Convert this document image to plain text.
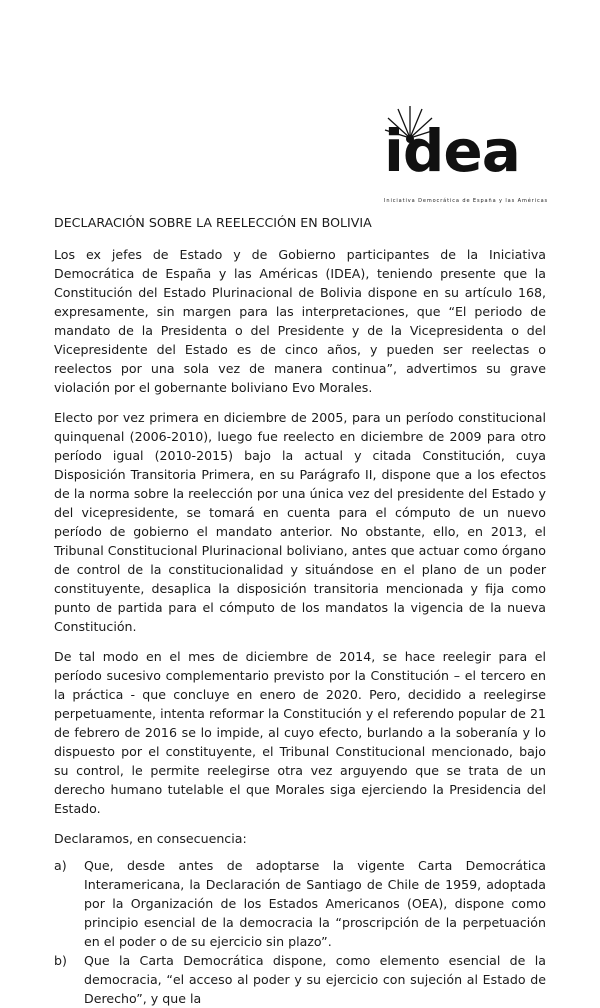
idea
Iniciativa Democrática de España y las Américas
DECLARACIÓN SOBRE LA REELECCIÓN EN BOLIVIA

Los ex jefes de Estado y de Gobierno participantes de la Iniciativa Democrática de España y las Américas (IDEA), teniendo presente que la Constitución del Estado Plurinacional de Bolivia dispone en su artículo 168, expresamente, sin margen para las interpretaciones, que “El periodo de mandato de la Presidenta o del Presidente y de la Vicepresidenta o del Vicepresidente del Estado es de cinco años, y pueden ser reelectas o reelectos por una sola vez de manera continua”, advertimos su grave violación por el gobernante boliviano Evo Morales.

Electo por vez primera en diciembre de 2005, para un período constitucional quinquenal (2006-2010), luego fue reelecto en diciembre de 2009 para otro período igual (2010-2015) bajo la actual y citada Constitución, cuya Disposición Transitoria Primera, en su Parágrafo II, dispone que a los efectos de la norma sobre la reelección por una única vez del presidente del Estado y del vicepresidente, se tomará en cuenta para el cómputo de un nuevo período de gobierno el mandato anterior. No obstante, ello, en 2013, el Tribunal Constitucional Plurinacional boliviano, antes que actuar como órgano de control de la constitucionalidad y situándose en el plano de un poder constituyente, desaplica la disposición transitoria mencionada y fija como punto de partida para el cómputo de los mandatos la vigencia de la nueva Constitución.

De tal modo en el mes de diciembre de 2014, se hace reelegir para el período sucesivo complementario previsto por la Constitución – el tercero en la práctica - que concluye en enero de 2020. Pero, decidido a reelegirse perpetuamente, intenta reformar la Constitución y el referendo popular de 21 de febrero de 2016 se lo impide, al cuyo efecto, burlando a la soberanía y lo dispuesto por el constituyente, el Tribunal Constitucional mencionado, bajo su control, le permite reelegirse otra vez arguyendo que se trata de un derecho humano tutelable el que Morales siga ejerciendo la Presidencia del Estado.

Declaramos, en consecuencia:

a) Que, desde antes de adoptarse la vigente Carta Democrática Interamericana, la Declaración de Santiago de Chile de 1959, adoptada por la Organización de los Estados Americanos (OEA), dispone como principio esencial de la democracia la “proscripción de la perpetuación en el poder o de su ejercicio sin plazo”.
b) Que la Carta Democrática dispone, como elemento esencial de la democracia, “el acceso al poder y su ejercicio con sujeción al Estado de Derecho”, y que la
